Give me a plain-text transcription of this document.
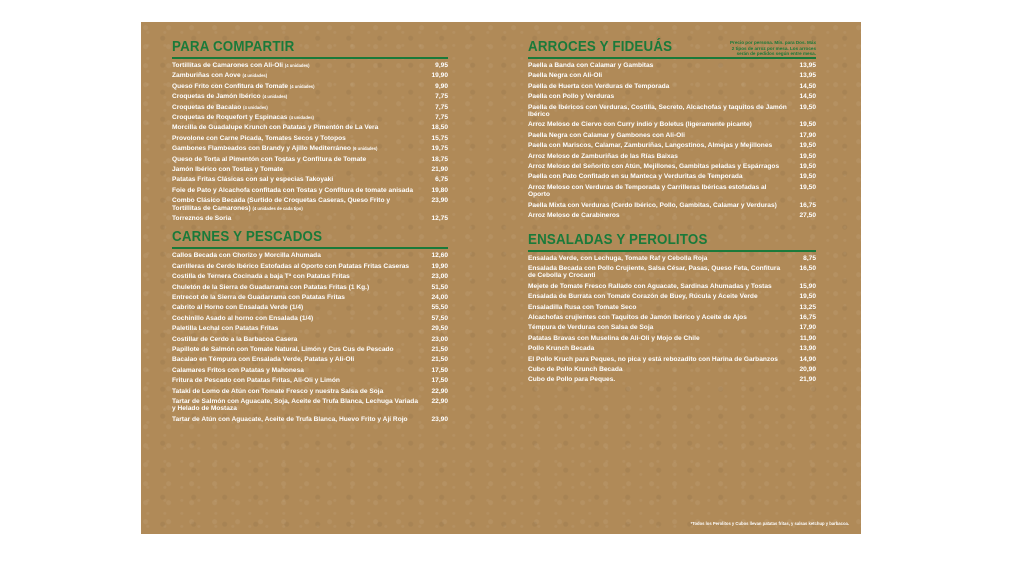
PARA COMPARTIR
Tortillitas de Camarones con Ali-Oli (4 unidades)	9,95
Zamburiñas con Aove (4 unidades)	19,90
Queso Frito con Confitura de Tomate (4 unidades)	9,90
Croquetas de Jamón Ibérico (4 unidades)	7,75
Croquetas de Bacalao (4 unidades)	7,75
Croquetas de Roquefort y Espinacas (4 unidades)	7,75
Morcilla de Guadalupe Krunch con Patatas y Pimentón de La Vera	18,50
Provolone con Carne Picada, Tomates Secos y Totopos	15,75
Gambones Flambeados con Brandy y Ajillo Mediterráneo (6 unidades)	19,75
Queso de Torta al Pimentón con Tostas y Confitura de Tomate	18,75
Jamón Ibérico con Tostas y Tomate	21,90
Patatas Fritas Clásicas con sal y especias Takoyaki	6,75
Foie de Pato y Alcachofa confitada con Tostas y Confitura de tomate anisada	19,80
Combo Clásico Becada (Surtido de Croquetas Caseras, Queso Frito y Tortillitas de Camarones) (4 unidades de cada tipo)
23,90
Torreznos de Soria	12,75
CARNES Y PESCADOS
Callos Becada con Chorizo y Morcilla Ahumada	12,60
Carrilleras de Cerdo Ibérico Estofadas al Oporto con Patatas Fritas Caseras	19,90
Costilla de Ternera Cocinada a baja Tª con Patatas Fritas	23,00
Chuletón de la Sierra de Guadarrama con Patatas Fritas (1 Kg.)	51,50
Entrecot de la Sierra de Guadarrama con Patatas Fritas	24,00
Cabrito al Horno con Ensalada Verde (1/4)	55,50
Cochinillo Asado al horno con Ensalada (1/4)	57,50
Paletilla Lechal con Patatas Fritas	29,50
Costillar de Cerdo a la Barbacoa Casera	23,00
Papillote de Salmón con Tomate Natural, Limón y Cus Cus de Pescado	21,50
Bacalao en Témpura con Ensalada Verde, Patatas y Ali-Oli	21,50
Calamares Fritos con Patatas y Mahonesa	17,50
Fritura de Pescado con Patatas Fritas, Ali-Oli y Limón	17,50
Tataki de Lomo de Atún con Tomate Fresco y nuestra Salsa de Soja	22,90
Tartar de Salmón con Aguacate, Soja, Aceite de Trufa Blanca, Lechuga Variada y Helado de Mostaza
22,90
Tartar de Atún con Aguacate, Aceite de Trufa Blanca, Huevo Frito y Ají Rojo	23,90
ARROCES Y FIDEUÁS	Precio por persona. Mín. para Dos. Máx 2 tipos de arroz por mesa. Los arroces serán de pedidos según entre mesa.
Paella a Banda con Calamar y Gambitas	13,95
Paella Negra con Ali-Oli	13,95
Paella de Huerta con Verduras de Temporada	14,50
Paella con Pollo y Verduras	14,50
Paella de Ibéricos con Verduras, Costilla, Secreto, Alcachofas y taquitos de Jamón Ibérico
19,50
Arroz Meloso de Ciervo con Curry indio y Boletus (ligeramente picante)	19,50
Paella Negra con Calamar y Gambones con Ali-Oli	17,90
Paella con Mariscos, Calamar, Zamburiñas, Langostinos, Almejas y Mejillones	19,50
Arroz Meloso de Zamburiñas de las Rías Baixas	19,50
Arroz Meloso del Señorito con Atún, Mejillones, Gambitas peladas y Espárragos	19,50
Paella con Pato Confitado en su Manteca y Verduritas de Temporada	19,50
Arroz Meloso con Verduras de Temporada y Carrilleras Ibéricas estofadas al Oporto
19,50
Paella Mixta con Verduras (Cerdo Ibérico, Pollo, Gambitas, Calamar y Verduras)	16,75
Arroz Meloso de Carabineros	27,50
ENSALADAS Y PEROLITOS
Ensalada Verde, con Lechuga, Tomate Raf y Cebolla Roja	8,75
Ensalada Becada con Pollo Crujiente, Salsa César, Pasas, Queso Feta, Confitura de Cebolla y Crocanti
16,50
Mejete de Tomate Fresco Rallado con Aguacate, Sardinas Ahumadas y Tostas	15,90
Ensalada de Burrata con Tomate Corazón de Buey, Rúcula y Aceite Verde	19,50
Ensaladilla Rusa con Tomate Seco	13,25
Alcachofas crujientes con Taquitos de Jamón Ibérico y Aceite de Ajos	16,75
Témpura de Verduras con Salsa de Soja	17,90
Patatas Bravas con Muselina de Ali-Oli y Mojo de Chile	11,90
Pollo Krunch Becada	13,90
El Pollo Kruch para Peques, no pica y está rebozadito con Harina de Garbanzos	14,90
Cubo de Pollo Krunch Becada	20,90
Cubo de Pollo para Peques.	21,90
*Todos los Perolitos y Cubos llevan patatas fritas, y salsas ketchup y barbacoa.
